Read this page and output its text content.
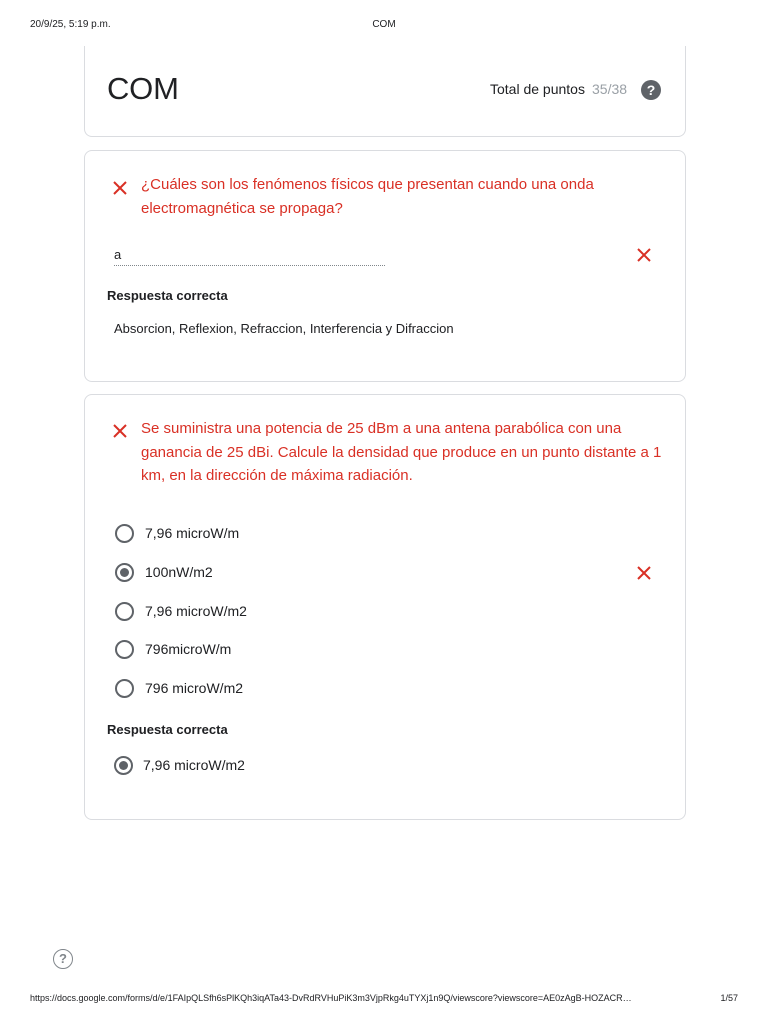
20/9/25, 5:19 p.m.	COM
COM	Total de puntos 35/38	?
¿Cuáles son los fenómenos físicos que presentan cuando una onda electromagnética se propaga?
a
Respuesta correcta
Absorcion, Reflexion, Refraccion, Interferencia y Difraccion
Se suministra una potencia de 25 dBm a una antena parabólica con una ganancia de 25 dBi. Calcule la densidad que produce en un punto distante a 1 km, en la dirección de máxima radiación.
7,96 microW/m
100nW/m2
7,96 microW/m2
796microW/m
796 microW/m2
Respuesta correcta
7,96 microW/m2
?
https://docs.google.com/forms/d/e/1FAIpQLSfh6sPlKQh3iqATa43-DvRdRVHuPiK3m3VjpRkg4uTYXj1n9Q/viewscore?viewscore=AE0zAgB-HOZACR…	1/57
